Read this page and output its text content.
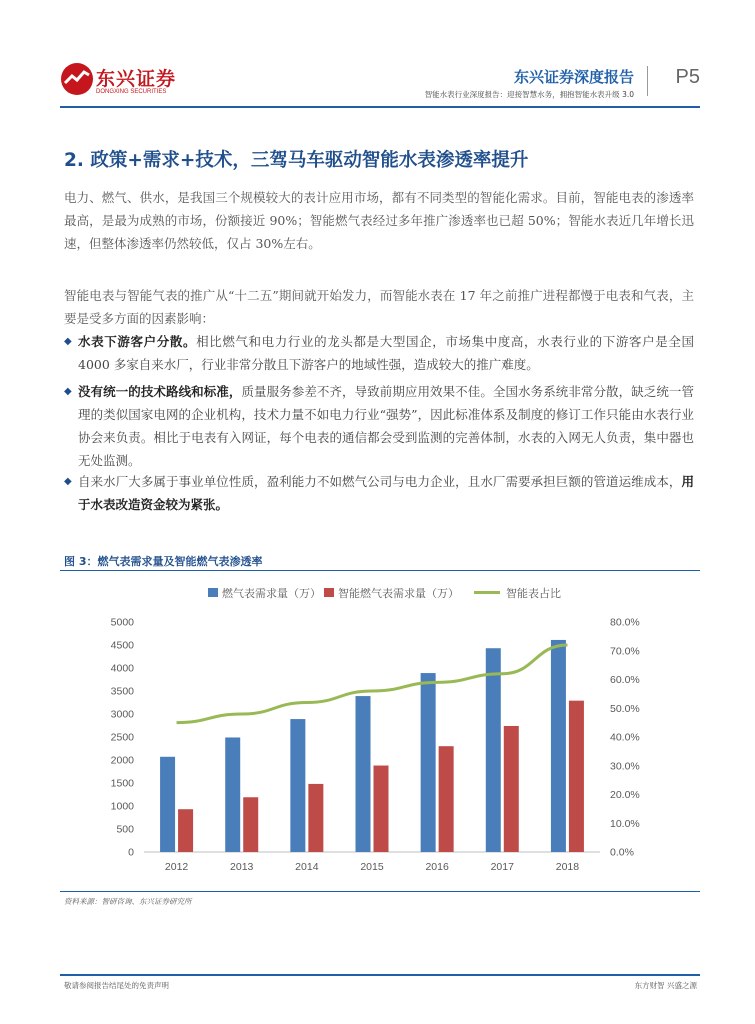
东兴证券
DONGXING SECURITIES
东兴证券深度报告
智能水表行业深度报告：迎接智慧水务，拥抱智能水表升级 3.0
P5
2. 政策+需求+技术，三驾马车驱动智能水表渗透率提升
电力、燃气、供水，是我国三个规模较大的表计应用市场，都有不同类型的智能化需求。目前，智能电表的渗透率最高，是最为成熟的市场，份额接近 90%；智能燃气表经过多年推广渗透率也已超 50%；智能水表近几年增长迅速，但整体渗透率仍然较低，仅占 30%左右。
智能电表与智能气表的推广从“十二五”期间就开始发力，而智能水表在 17 年之前推广进程都慢于电表和气表，主要是受多方面的因素影响：
◆ 水表下游客户分散。相比燃气和电力行业的龙头都是大型国企，市场集中度高，水表行业的下游客户是全国 4000 多家自来水厂，行业非常分散且下游客户的地域性强，造成较大的推广难度。
◆ 没有统一的技术路线和标准，质量服务参差不齐，导致前期应用效果不佳。全国水务系统非常分散，缺乏统一管理的类似国家电网的企业机构，技术力量不如电力行业“强势”，因此标准体系及制度的修订工作只能由水表行业协会来负责。相比于电表有入网证，每个电表的通信都会受到监测的完善体制，水表的入网无人负责，集中器也无处监测。
◆ 自来水厂大多属于事业单位性质，盈利能力不如燃气公司与电力企业，且水厂需要承担巨额的管道运维成本，用于水表改造资金较为紧张。
图 3：燃气表需求量及智能燃气表渗透率
0
500
1000
1500
2000
2500
3000
3500
4000
4500
5000
0.0%
10.0%
20.0%
30.0%
40.0%
50.0%
60.0%
70.0%
80.0%
2012	2013	2014	2015	2016	2017	2018
燃气表需求量（万） 智能燃气表需求量（万）	智能表占比
资料来源：智研咨询、东兴证券研究所
敬请参阅报告结尾处的免责声明	东方财智 兴盛之源
